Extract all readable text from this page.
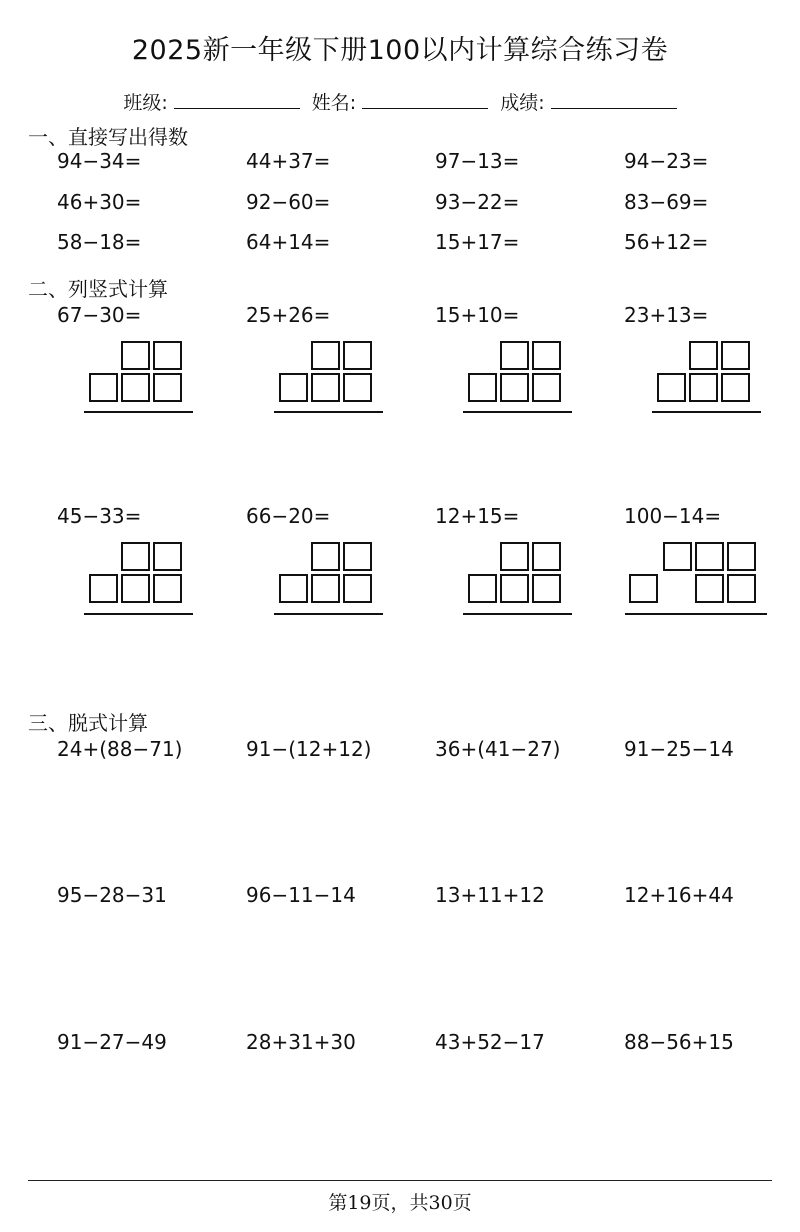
2025新一年级下册100以内计算综合练习卷
班级:	姓名:	成绩:
一、直接写出得数
94−34=	44+37=	97−13=	94−23=
46+30=	92−60=	93−22=	83−69=
58−18=	64+14=	15+17=	56+12=
二、列竖式计算
67−30=	25+26=	15+10=	23+13=
45−33=	66−20=	12+15=	100−14=
三、脱式计算
24+(88−71)	91−(12+12)	36+(41−27)	91−25−14
95−28−31	96−11−14	13+11+12	12+16+44
91−27−49	28+31+30	43+52−17	88−56+15
第19页，共30页
